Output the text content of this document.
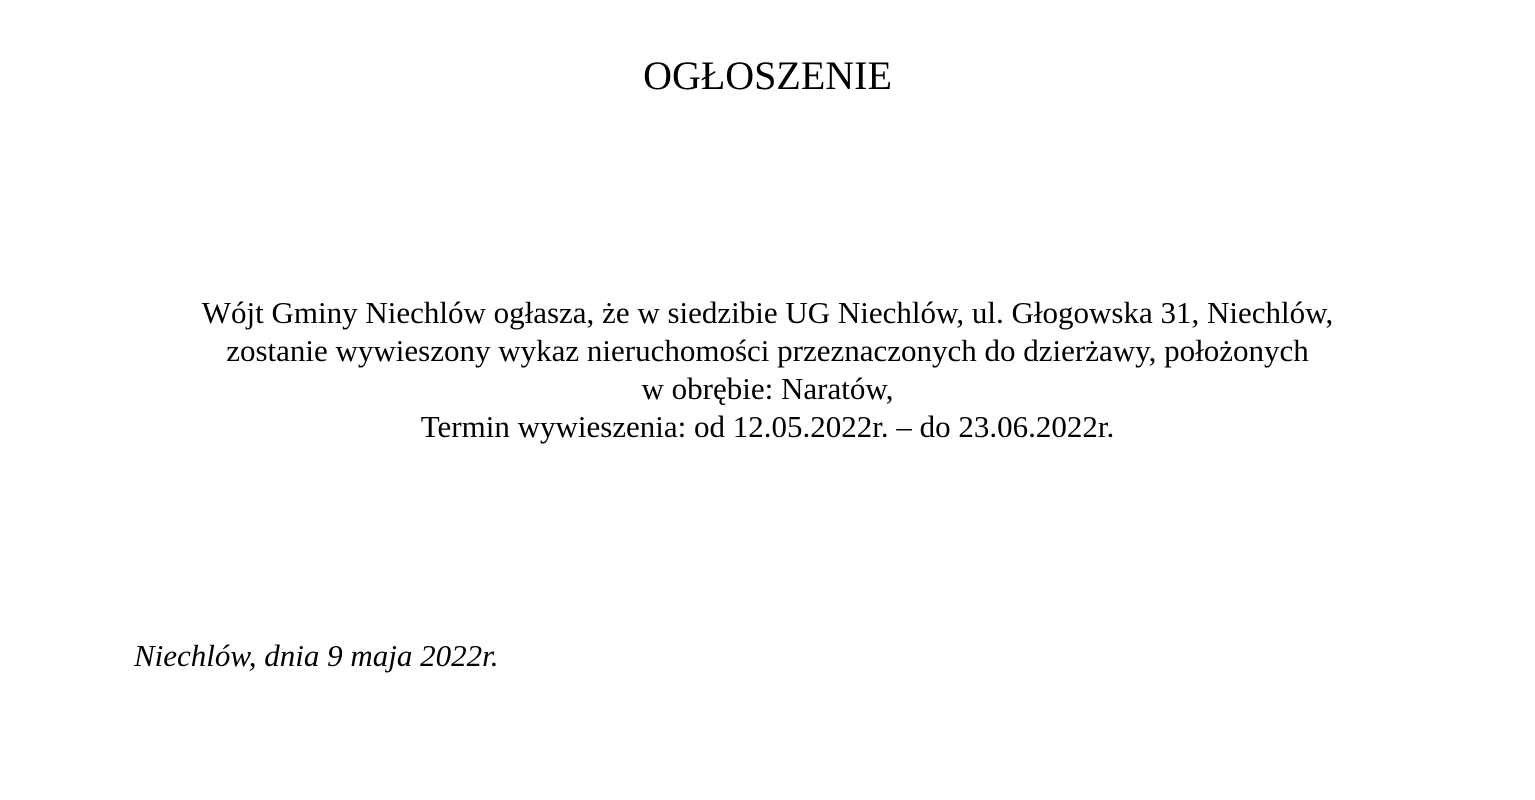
OGŁOSZENIE
Wójt Gminy Niechlów ogłasza, że w siedzibie UG Niechlów, ul. Głogowska 31, Niechlów,
zostanie wywieszony wykaz nieruchomości przeznaczonych do dzierżawy, położonych
w obrębie: Naratów,
Termin wywieszenia: od 12.05.2022r. – do 23.06.2022r.
Niechlów, dnia 9 maja 2022r.
